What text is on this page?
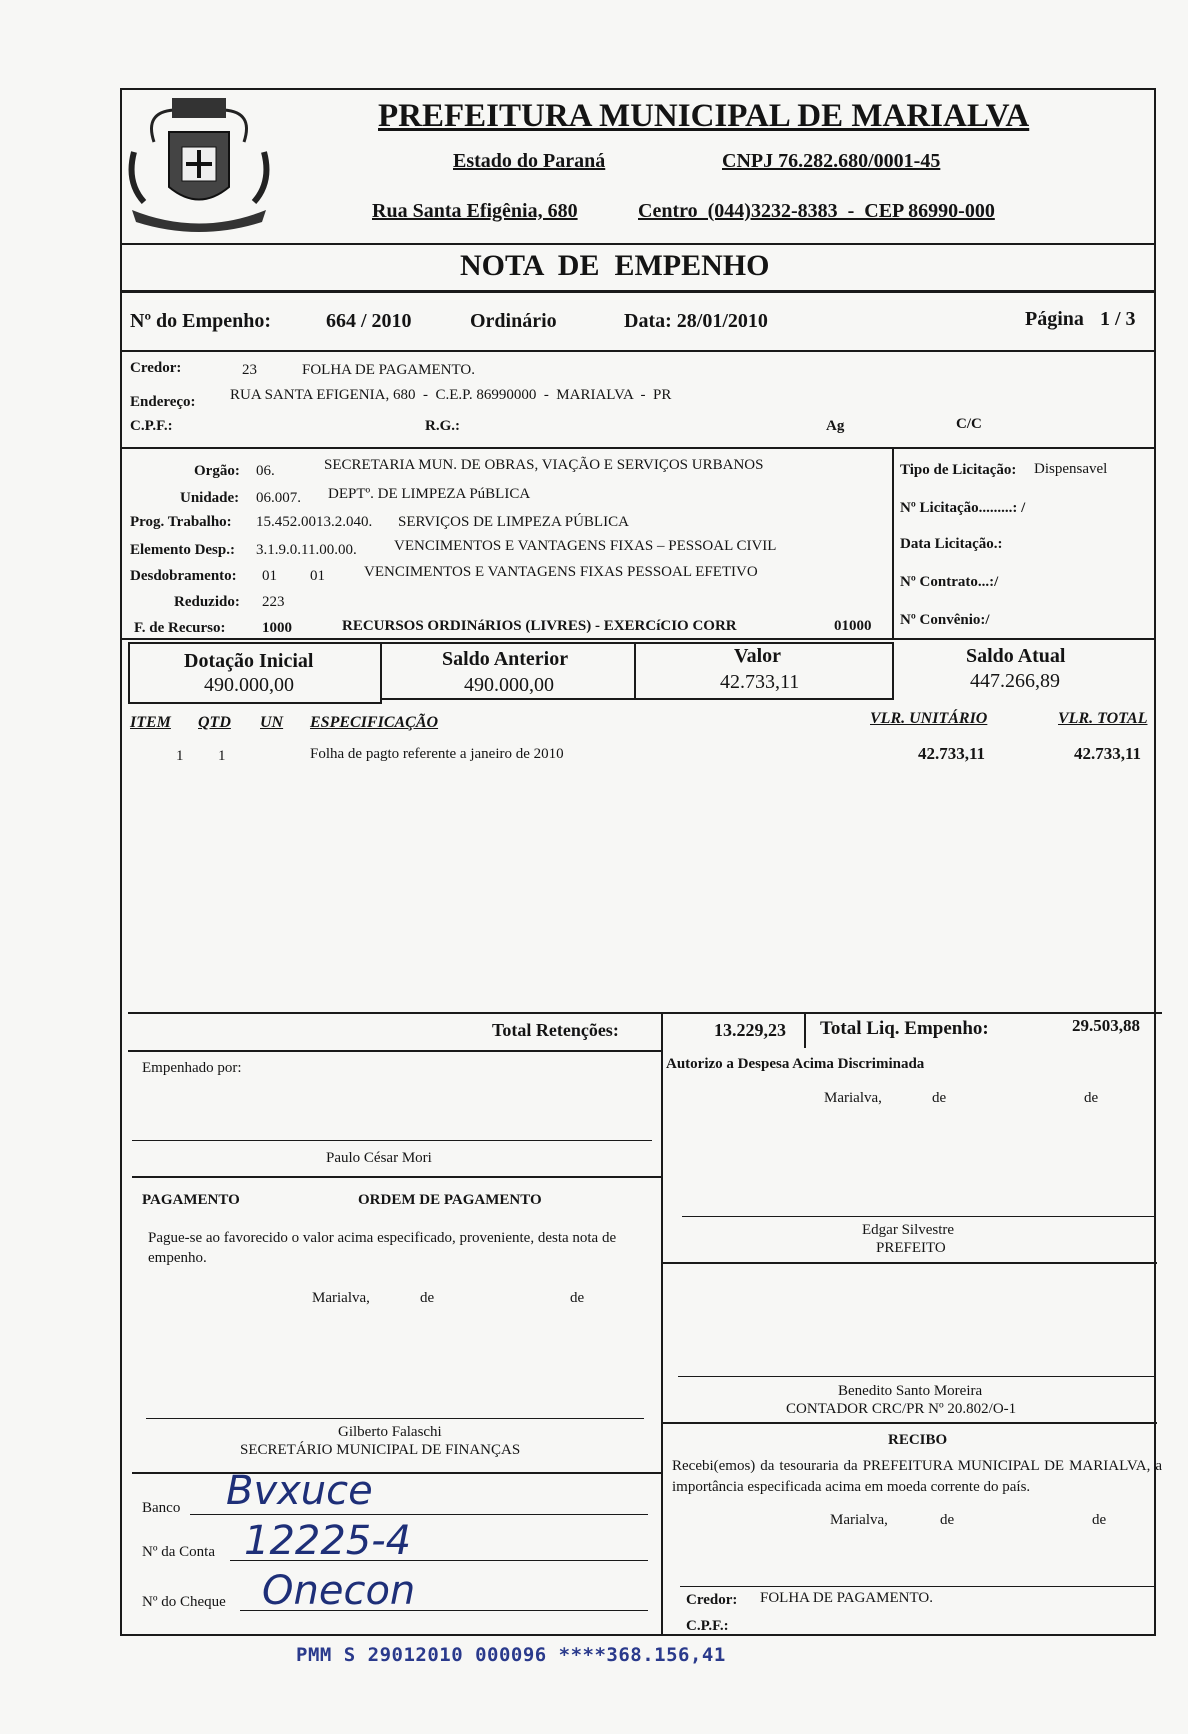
PREFEITURA MUNICIPAL DE MARIALVA
Estado do Paraná	CNPJ 76.282.680/0001-45
Rua Santa Efigênia, 680	Centro  (044)3232-8383  -  CEP 86990-000
NOTA  DE  EMPENHO
Nº do Empenho:	664 / 2010	Ordinário	Data: 28/01/2010	Página 1 / 3
Credor:	23	FOLHA DE PAGAMENTO.
Endereço: RUA SANTA EFIGENIA, 680  -  C.E.P. 86990000  -  MARIALVA  -  PR
C.P.F.:	R.G.:	Ag	C/C
Orgão: 06.	SECRETARIA MUN. DE OBRAS, VIAÇÃO E SERVIÇOS URBANOS
Unidade: 06.007. DEPTº. DE LIMPEZA PúBLICA
Prog. Trabalho: 15.452.0013.2.040. SERVIÇOS DE LIMPEZA PÚBLICA
Elemento Desp.: 3.1.9.0.11.00.00. VENCIMENTOS E VANTAGENS FIXAS – PESSOAL CIVIL
Desdobramento: 01 01	VENCIMENTOS E VANTAGENS FIXAS PESSOAL EFETIVO
Reduzido: 223
F. de Recurso: 1000	RECURSOS ORDINáRIOS (LIVRES) - EXERCíCIO CORR	01000
Tipo de Licitação: Dispensavel
Nº Licitação.........: /
Data Licitação.:
Nº Contrato...:/
Nº Convênio:/
Dotação Inicial
490.000,00
Saldo Anterior
490.000,00
Valor
42.733,11
Saldo Atual
447.266,89
ITEM QTD UN ESPECIFICAÇÃO	VLR. UNITÁRIO	VLR. TOTAL
1 1	Folha de pagto referente a janeiro de 2010	42.733,11	42.733,11
Total Retenções:	13.229,23 Total Liq. Empenho:	29.503,88
Empenhado por:
Paulo César Mori
Autorizo a Despesa Acima Discriminada
Marialva,	de	de
Edgar Silvestre
PREFEITO
PAGAMENTO	ORDEM DE PAGAMENTO
Pague-se ao favorecido o valor acima especificado, proveniente, desta nota de empenho.
Marialva,	de	de
Benedito Santo Moreira
CONTADOR CRC/PR Nº 20.802/O-1
Gilberto Falaschi
SECRETÁRIO MUNICIPAL DE FINANÇAS
RECIBO
Recebi(emos) da tesouraria da PREFEITURA MUNICIPAL DE MARIALVA, a importância especificada acima em moeda corrente do país.
Marialva,	de	de
Credor: FOLHA DE PAGAMENTO.
C.P.F.:
Banco Bvxuce
Nº da Conta 12225-4
Nº do Cheque Onecon
PMM S 29012010 000096 ****368.156,41
